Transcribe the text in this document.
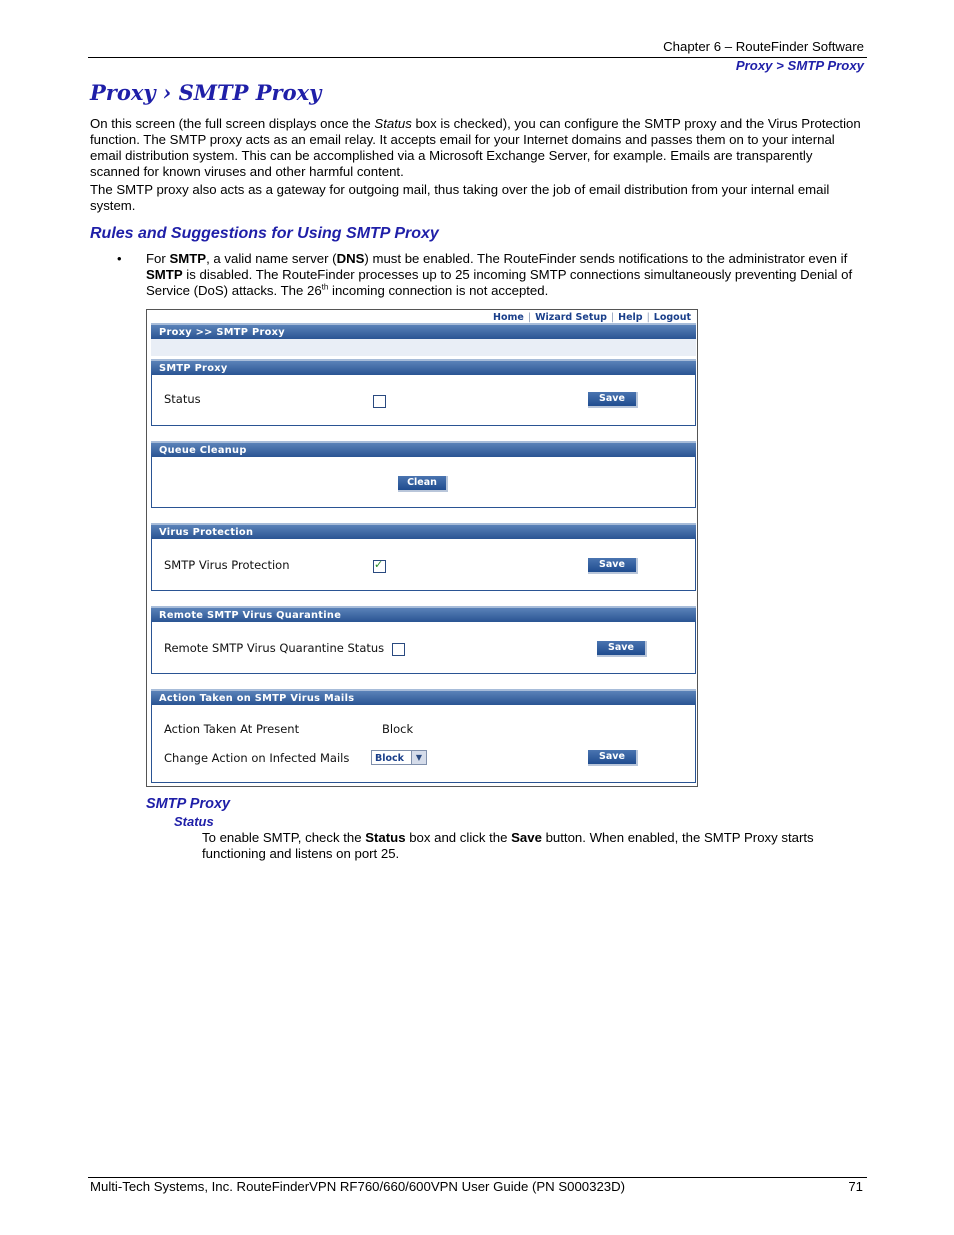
Chapter 6 – RouteFinder Software
Proxy > SMTP Proxy
Proxy › SMTP Proxy

On this screen (the full screen displays once the Status box is checked), you can configure the SMTP proxy and the Virus Protection function. The SMTP proxy acts as an email relay. It accepts email for your Internet domains and passes them on to your internal email distribution system. This can be accomplished via a Microsoft Exchange Server, for example. Emails are transparently scanned for known viruses and other harmful content.

The SMTP proxy also acts as a gateway for outgoing mail, thus taking over the job of email distribution from your internal email system.

Rules and Suggestions for Using SMTP Proxy
• For SMTP, a valid name server (DNS) must be enabled. The RouteFinder sends notifications to the administrator even if SMTP is disabled. The RouteFinder processes up to 25 incoming SMTP connections simultaneously preventing Denial of Service (DoS) attacks. The 26th incoming connection is not accepted.

Home | Wizard Setup | Help | Logout
Proxy >> SMTP Proxy
SMTP Proxy
Status	Save
Queue Cleanup
Clean
Virus Protection
SMTP Virus Protection
✓	Save
Remote SMTP Virus Quarantine
Remote SMTP Virus Quarantine Status	Save
Action Taken on SMTP Virus Mails
Action Taken At Present	Block
Change Action on Infected Mails	Block	▼	Save
SMTP Proxy
Status

To enable SMTP, check the Status box and click the Save button. When enabled, the SMTP Proxy starts functioning and listens on port 25.

Multi-Tech Systems, Inc. RouteFinderVPN RF760/660/600VPN User Guide (PN S000323D)	71
